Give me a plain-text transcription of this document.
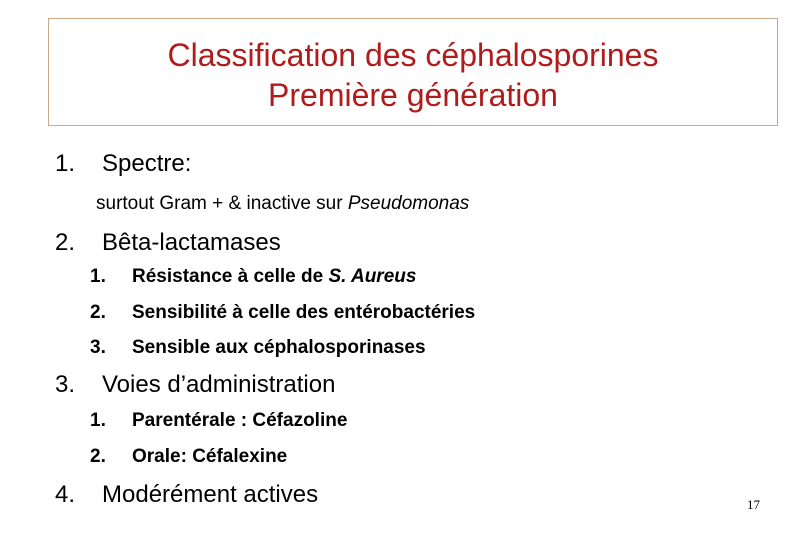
Classification des céphalosporines
Première génération
1. Spectre:
surtout Gram + & inactive sur Pseudomonas
2. Bêta-lactamases
1. Résistance à celle de S. Aureus
2. Sensibilité à celle des entérobactéries
3. Sensible aux céphalosporinases
3. Voies d’administration
1. Parentérale : Céfazoline
2. Orale: Céfalexine
4. Modérément actives	17
